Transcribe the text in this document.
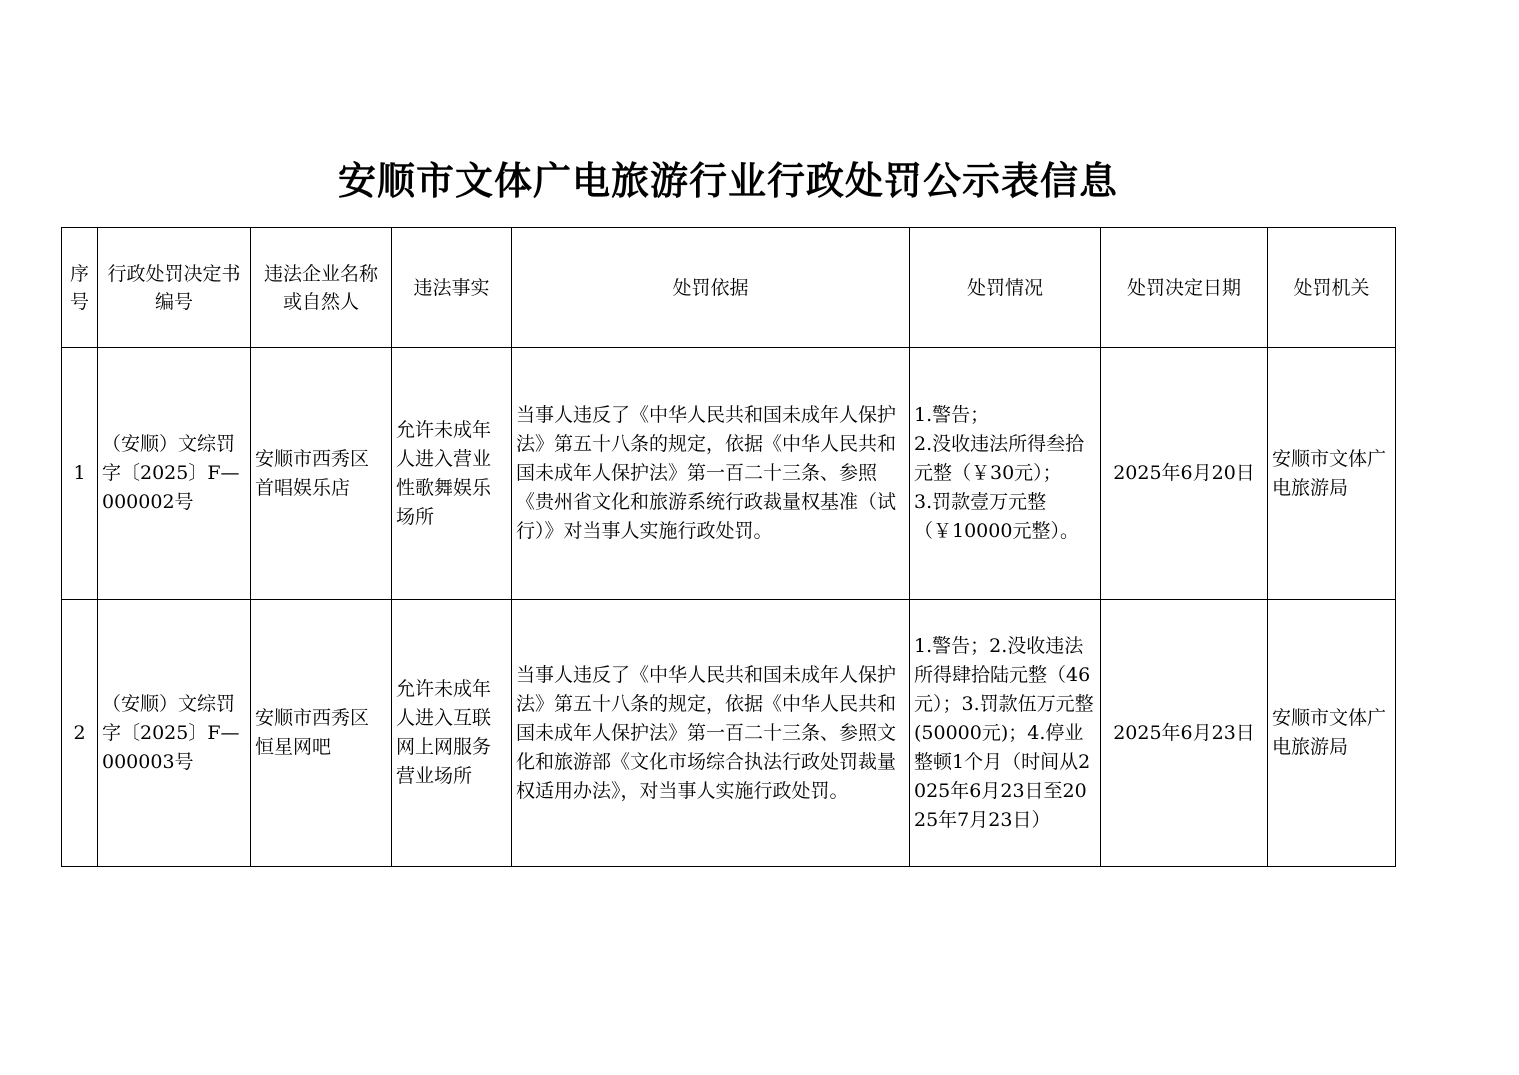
安顺市文体广电旅游行业行政处罚公示表信息
序号	行政处罚决定书编号	违法企业名称或自然人	违法事实	处罚依据	处罚情况	处罚决定日期	处罚机关
1	（安顺）文综罚字〔2025〕F—000002号	安顺市西秀区首唱娱乐店	允许未成年人进入营业性歌舞娱乐场所	当事人违反了《中华人民共和国未成年人保护法》第五十八条的规定，依据《中华人民共和国未成年人保护法》第一百二十三条、参照《贵州省文化和旅游系统行政裁量权基准（试行）》对当事人实施行政处罚。	1.警告；
2.没收违法所得叁拾元整（￥30元）；
3.罚款壹万元整（￥10000元整）。	2025年6月20日	安顺市文体广电旅游局
2	（安顺）文综罚字〔2025〕F—000003号	安顺市西秀区恒星网吧	允许未成年人进入互联网上网服务营业场所	当事人违反了《中华人民共和国未成年人保护法》第五十八条的规定，依据《中华人民共和国未成年人保护法》第一百二十三条、参照文化和旅游部《文化市场综合执法行政处罚裁量权适用办法》，对当事人实施行政处罚。	1.警告；2.没收违法所得肆拾陆元整（46元）；3.罚款伍万元整(50000元)；4.停业整顿1个月（时间从2025年6月23日至2025年7月23日）	2025年6月23日	安顺市文体广电旅游局
